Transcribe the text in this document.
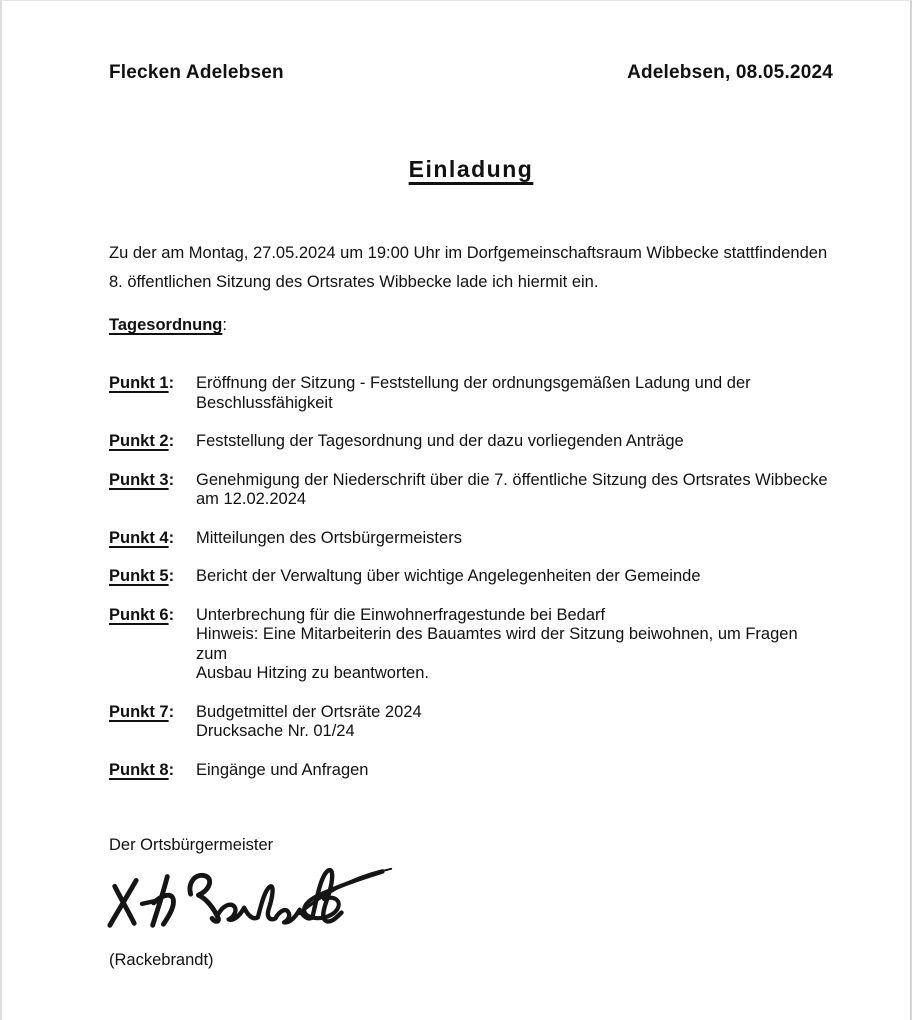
Flecken Adelebsen	Adelebsen, 08.05.2024
Einladung
Zu der am Montag, 27.05.2024 um 19:00 Uhr im Dorfgemeinschaftsraum Wibbecke stattfindenden
8. öffentlichen Sitzung des Ortsrates Wibbecke lade ich hiermit ein.
Tagesordnung:
Punkt 1:	Eröffnung der Sitzung - Feststellung der ordnungsgemäßen Ladung und der
Beschlussfähigkeit
Punkt 2:	Feststellung der Tagesordnung und der dazu vorliegenden Anträge
Punkt 3:	Genehmigung der Niederschrift über die 7. öffentliche Sitzung des Ortsrates Wibbecke
am 12.02.2024
Punkt 4:	Mitteilungen des Ortsbürgermeisters
Punkt 5:	Bericht der Verwaltung über wichtige Angelegenheiten der Gemeinde
Punkt 6:	Unterbrechung für die Einwohnerfragestunde bei Bedarf
Hinweis: Eine Mitarbeiterin des Bauamtes wird der Sitzung beiwohnen, um Fragen zum
Ausbau Hitzing zu beantworten.
Punkt 7:	Budgetmittel der Ortsräte 2024
Drucksache Nr. 01/24
Punkt 8:	Eingänge und Anfragen
Der Ortsbürgermeister
(Rackebrandt)
